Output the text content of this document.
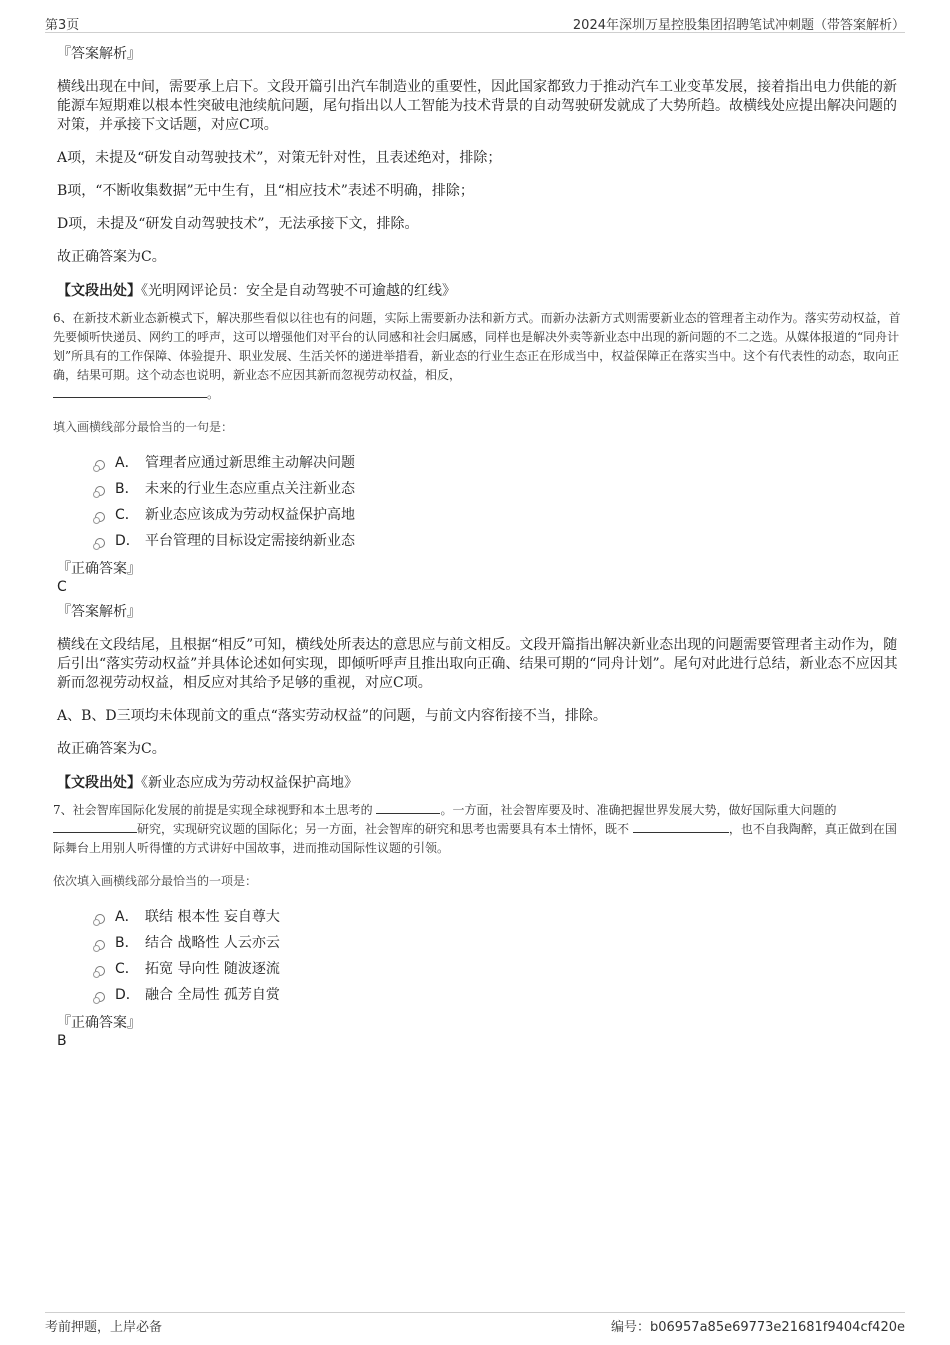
第3页	2024年深圳万星控股集团招聘笔试冲刺题（带答案解析）
『答案解析』

横线出现在中间，需要承上启下。文段开篇引出汽车制造业的重要性，因此国家都致力于推动汽车工业变革发展，接着指出电力供能的新能源车短期难以根本性突破电池续航问题，尾句指出以人工智能为技术背景的自动驾驶研发就成了大势所趋。故横线处应提出解决问题的对策，并承接下文话题，对应C项。

A项，未提及“研发自动驾驶技术”，对策无针对性，且表述绝对，排除；

B项，“不断收集数据”无中生有，且“相应技术”表述不明确，排除；

D项，未提及“研发自动驾驶技术”，无法承接下文，排除。

故正确答案为C。

【文段出处】《光明网评论员：安全是自动驾驶不可逾越的红线》
6、在新技术新业态新模式下，解决那些看似以往也有的问题，实际上需要新办法和新方式。而新办法新方式则需要新业态的管理者主动作为。落实劳动权益，首先要倾听快递员、网约工的呼声，这可以增强他们对平台的认同感和社会归属感，同样也是解决外卖等新业态中出现的新问题的不二之选。从媒体报道的“同舟计划”所具有的工作保障、体验提升、职业发展、生活关怀的递进举措看，新业态的行业生态正在形成当中，权益保障正在落实当中。这个有代表性的动态，取向正确，结果可期。这个动态也说明，新业态不应因其新而忽视劳动权益，相反，
。
填入画横线部分最恰当的一句是：
A． 管理者应通过新思维主动解决问题
B． 未来的行业生态应重点关注新业态
C． 新业态应该成为劳动权益保护高地
D． 平台管理的目标设定需接纳新业态
『正确答案』
C
『答案解析』

横线在文段结尾，且根据“相反”可知，横线处所表达的意思应与前文相反。文段开篇指出解决新业态出现的问题需要管理者主动作为，随后引出“落实劳动权益”并具体论述如何实现，即倾听呼声且推出取向正确、结果可期的“同舟计划”。尾句对此进行总结，新业态不应因其新而忽视劳动权益，相反应对其给予足够的重视，对应C项。

A、B、D三项均未体现前文的重点“落实劳动权益”的问题，与前文内容衔接不当，排除。

故正确答案为C。

【文段出处】《新业态应成为劳动权益保护高地》
7、社会智库国际化发展的前提是实现全球视野和本土思考的	。一方面，社会智库要及时、准确把握世界发展大势，做好国际重大问题的 研究，实现研究议题的国际化；另一方面，社会智库的研究和思考也需要具有本土情怀，既不	，也不自我陶醉，真正做到在国际舞台上用别人听得懂的方式讲好中国故事，进而推动国际性议题的引领。
依次填入画横线部分最恰当的一项是：
A． 联结 根本性 妄自尊大
B． 结合 战略性 人云亦云
C． 拓宽 导向性 随波逐流
D． 融合 全局性 孤芳自赏
『正确答案』
B
考前押题，上岸必备	编号：b06957a85e69773e21681f9404cf420e
